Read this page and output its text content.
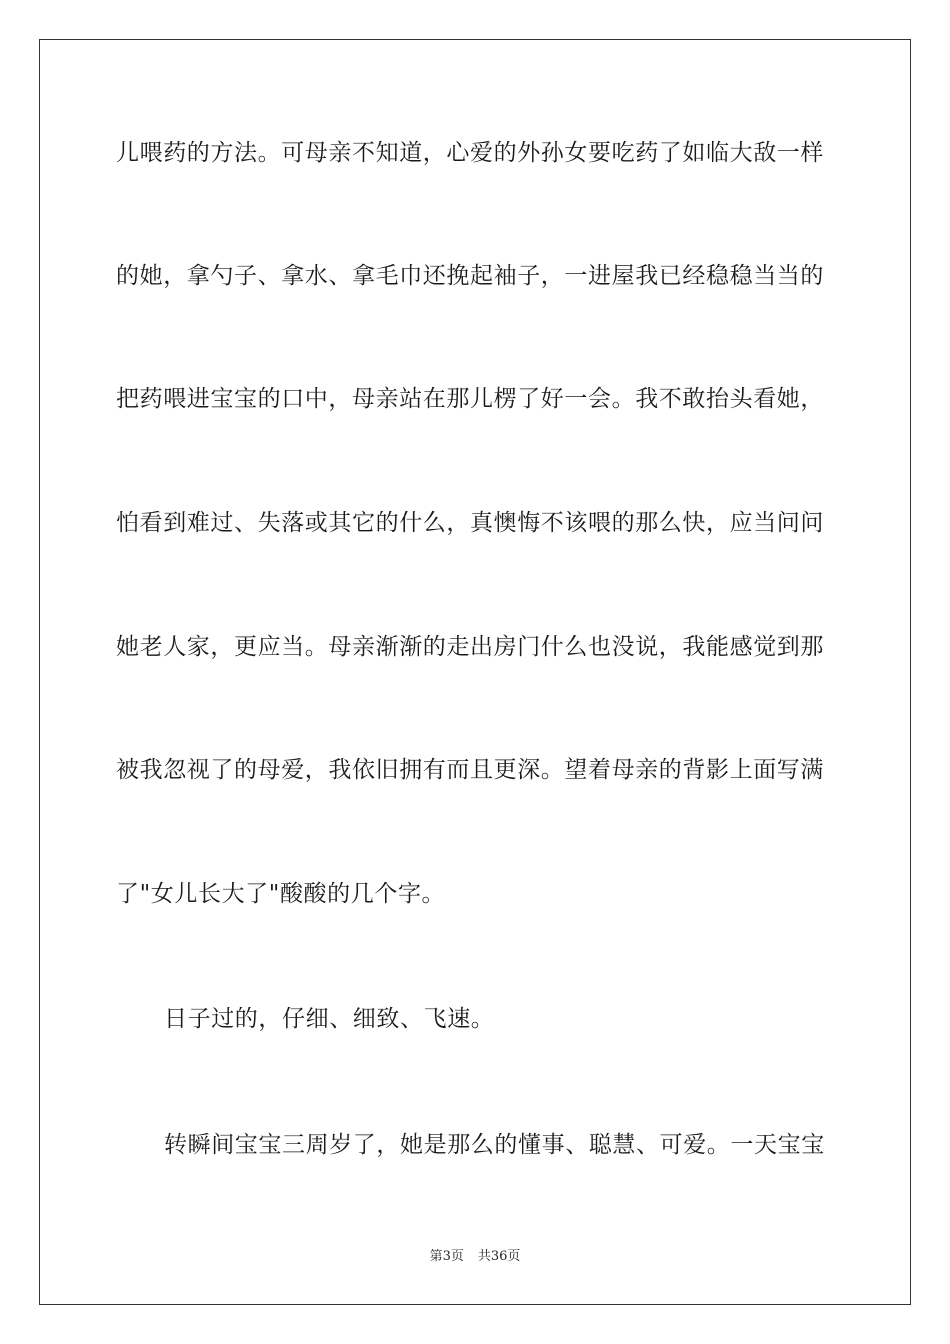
儿喂药的方法。可母亲不知道，心爱的外孙女要吃药了如临大敌一样
的她，拿勺子、拿水、拿毛巾还挽起袖子，一进屋我已经稳稳当当的
把药喂进宝宝的口中，母亲站在那儿楞了好一会。我不敢抬头看她，
怕看到难过、失落或其它的什么，真懊悔不该喂的那么快，应当问问
她老人家，更应当。母亲渐渐的走出房门什么也没说，我能感觉到那
被我忽视了的母爱，我依旧拥有而且更深。望着母亲的背影上面写满
了"女儿长大了"酸酸的几个字。
日子过的，仔细、细致、飞速。
转瞬间宝宝三周岁了，她是那么的懂事、聪慧、可爱。一天宝宝
第3页 共36页
